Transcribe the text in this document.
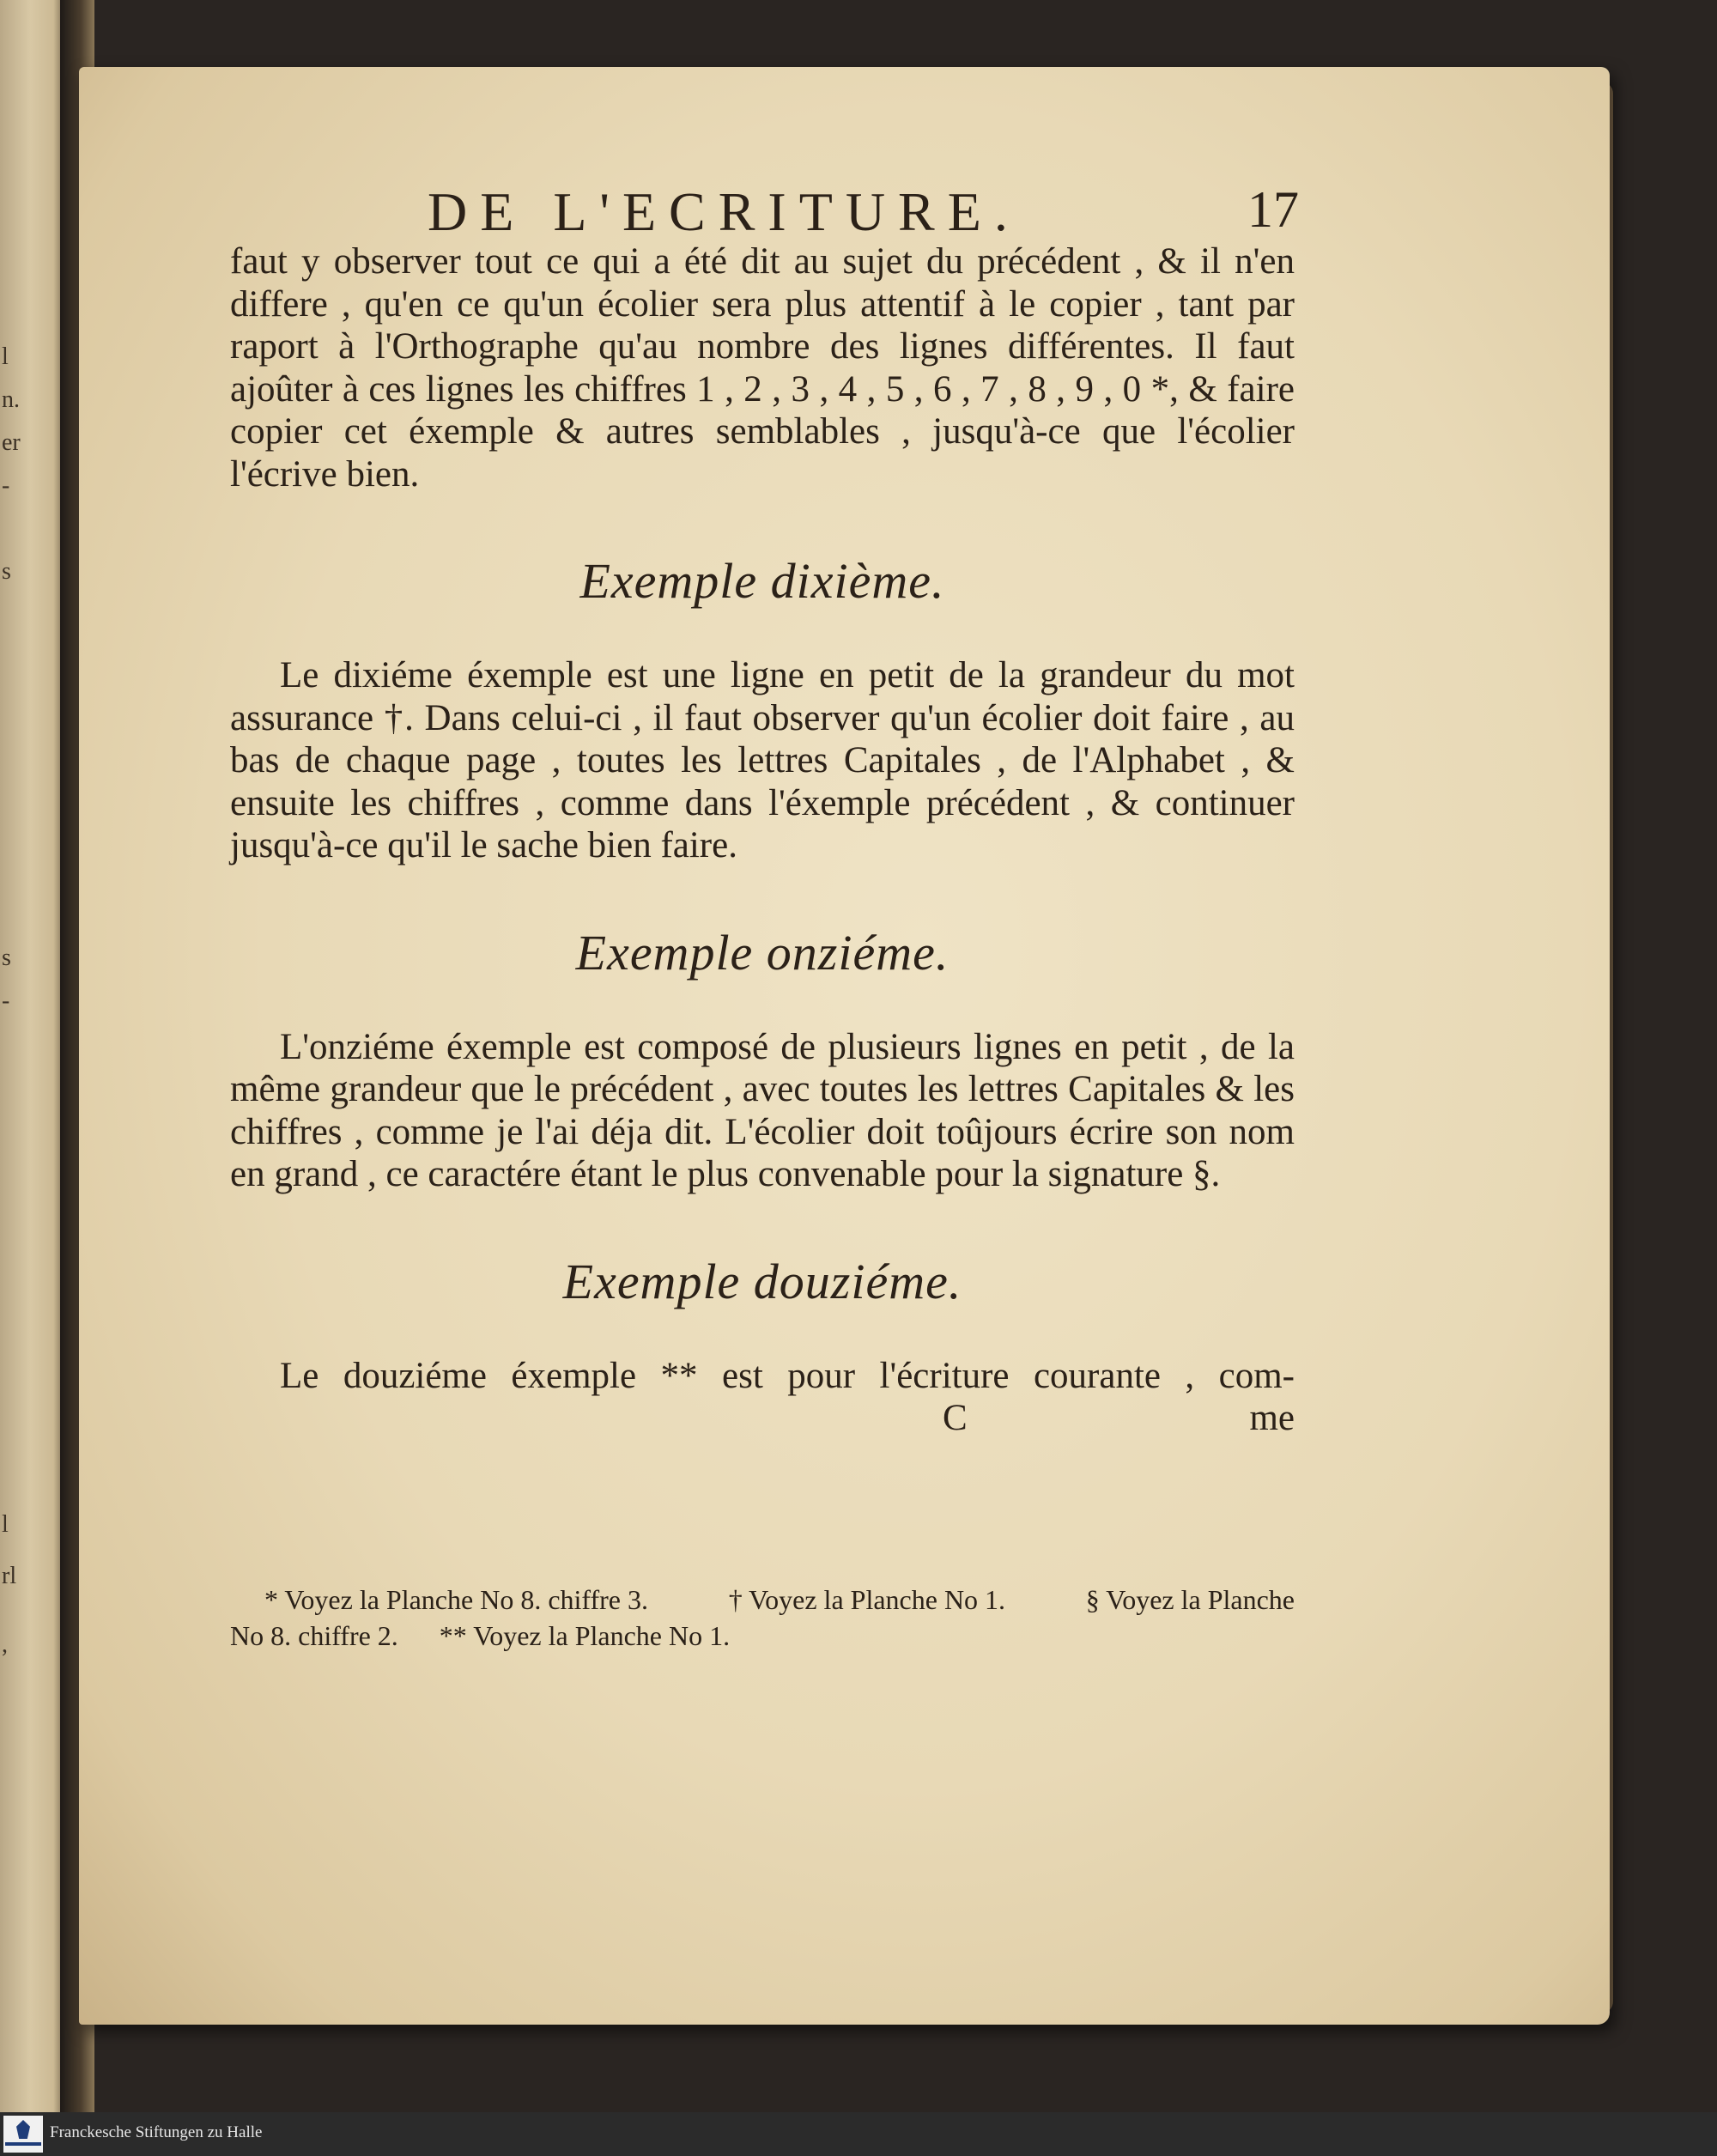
l
n.
er
-
s
s
-
l
rl
,
DE L'ECRITURE.	17

faut y observer tout ce qui a été dit au sujet du précédent , & il n'en differe , qu'en ce qu'un écolier sera plus attentif à le copier , tant par raport à l'Orthographe qu'au nombre des lignes différentes. Il faut ajoûter à ces lignes les chiffres 1 , 2 , 3 , 4 , 5 , 6 , 7 , 8 , 9 , 0 *, & faire copier cet éxemple & autres semblables , jusqu'à-ce que l'écolier l'écrive bien.

Exemple dixième.

Le dixiéme éxemple est une ligne en petit de la grandeur du mot assurance †. Dans celui-ci , il faut observer qu'un écolier doit faire , au bas de chaque page , toutes les lettres Capitales , de l'Alphabet , & ensuite les chiffres , comme dans l'éxemple précédent , & continuer jusqu'à-ce qu'il le sache bien faire.

Exemple onziéme.

L'onziéme éxemple est composé de plusieurs lignes en petit , de la même grandeur que le précédent , avec toutes les lettres Capitales & les chiffres , comme je l'ai déja dit. L'écolier doit toûjours écrire son nom en grand , ce caractére étant le plus convenable pour la signature §.

Exemple douziéme.

Le douziéme éxemple ** est pour l'écriture courante , com-

C	me
* Voyez la Planche No 8. chiffre 3.	† Voyez la Planche No 1.	§ Voyez la Planche
No 8. chiffre 2. ** Voyez la Planche No 1.
Franckesche Stiftungen zu Halle
